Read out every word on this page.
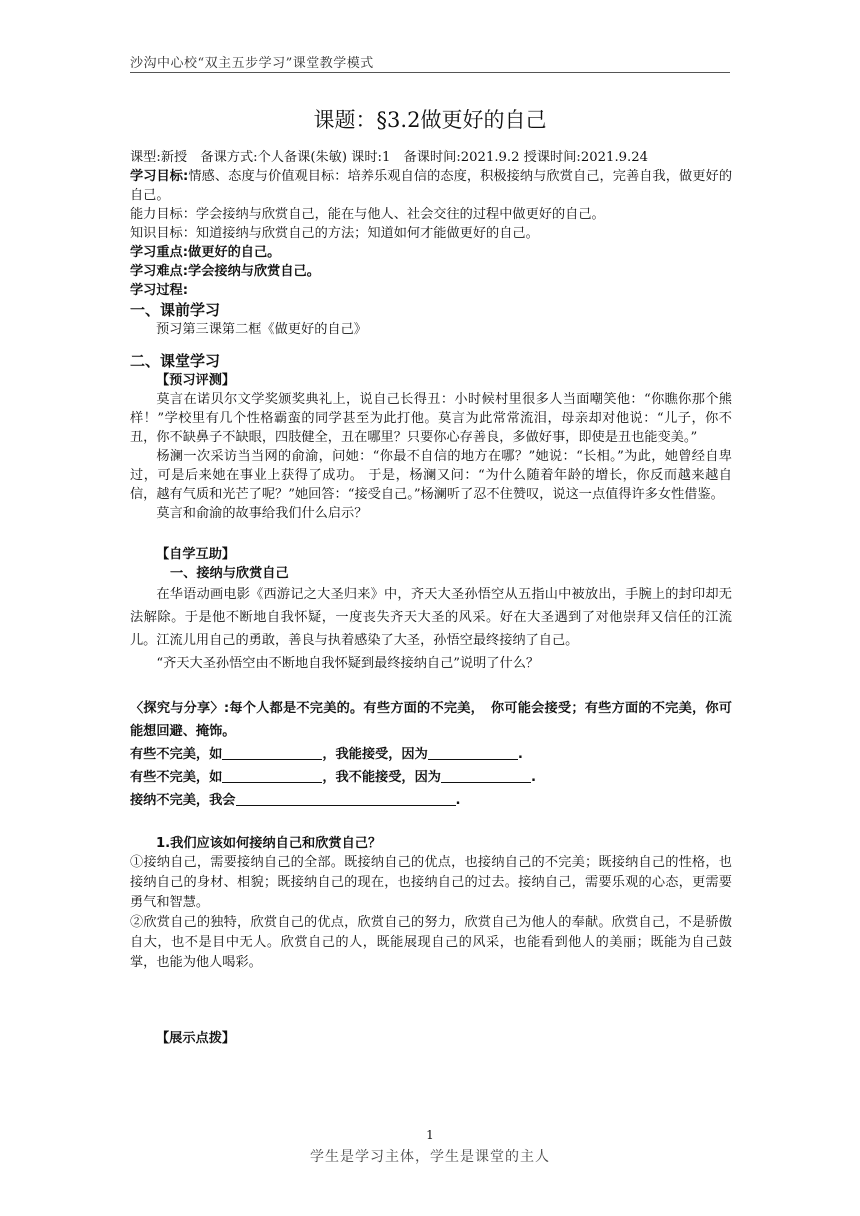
沙沟中心校“双主五步学习”课堂教学模式
课题：§3.2做更好的自己

课型:新授　备课方式:个人备课(朱敏) 课时:1　备课时间:2021.9.2 授课时间:2021.9.24

学习目标:情感、态度与价值观目标：培养乐观自信的态度，积极接纳与欣赏自己，完善自我，做更好的自己。

能力目标：学会接纳与欣赏自己，能在与他人、社会交往的过程中做更好的自己。

知识目标：知道接纳与欣赏自己的方法；知道如何才能做更好的自己。

学习重点:做更好的自己。

学习难点:学会接纳与欣赏自己。

学习过程:

一、课前学习

预习第三课第二框《做更好的自己》

二、课堂学习

【预习评测】

莫言在诺贝尔文学奖颁奖典礼上，说自己长得丑：小时候村里很多人当面嘲笑他：“你瞧你那个熊样！”学校里有几个性格霸蛮的同学甚至为此打他。莫言为此常常流泪，母亲却对他说：“儿子，你不丑，你不缺鼻子不缺眼，四肢健全，丑在哪里？只要你心存善良，多做好事，即使是丑也能变美。”

杨澜一次采访当当网的俞渝，问她：“你最不自信的地方在哪？”她说：“长相。”为此，她曾经自卑过，可是后来她在事业上获得了成功。 于是，杨澜又问：“为什么随着年龄的增长，你反而越来越自信，越有气质和光芒了呢？”她回答：“接受自己。”杨澜听了忍不住赞叹，说这一点值得许多女性借鉴。

莫言和俞渝的故事给我们什么启示？

【自学互助】

一、接纳与欣赏自己

在华语动画电影《西游记之大圣归来》中，齐天大圣孙悟空从五指山中被放出，手腕上的封印却无法解除。于是他不断地自我怀疑，一度丧失齐天大圣的风采。好在大圣遇到了对他崇拜又信任的江流儿。江流儿用自己的勇敢，善良与执着感染了大圣，孙悟空最终接纳了自己。

“齐天大圣孙悟空由不断地自我怀疑到最终接纳自己”说明了什么？

〈探究与分享〉:每个人都是不完美的。有些方面的不完美，　你可能会接受；有些方面的不完美，你可能想回避、掩饰。

有些不完美，如	，我能接受，因为	.

有些不完美，如	，我不能接受，因为	.

接纳不完美，我会	.

1.我们应该如何接纳自己和欣赏自己？

①接纳自己，需要接纳自己的全部。既接纳自己的优点，也接纳自己的不完美；既接纳自己的性格，也接纳自己的身材、相貌；既接纳自己的现在，也接纳自己的过去。接纳自己，需要乐观的心态，更需要勇气和智慧。

②欣赏自己的独特，欣赏自己的优点，欣赏自己的努力，欣赏自己为他人的奉献。欣赏自己，不是骄傲自大，也不是目中无人。欣赏自己的人，既能展现自己的风采，也能看到他人的美丽；既能为自己鼓掌，也能为他人喝彩。

【展示点拨】

1
学生是学习主体，学生是课堂的主人
